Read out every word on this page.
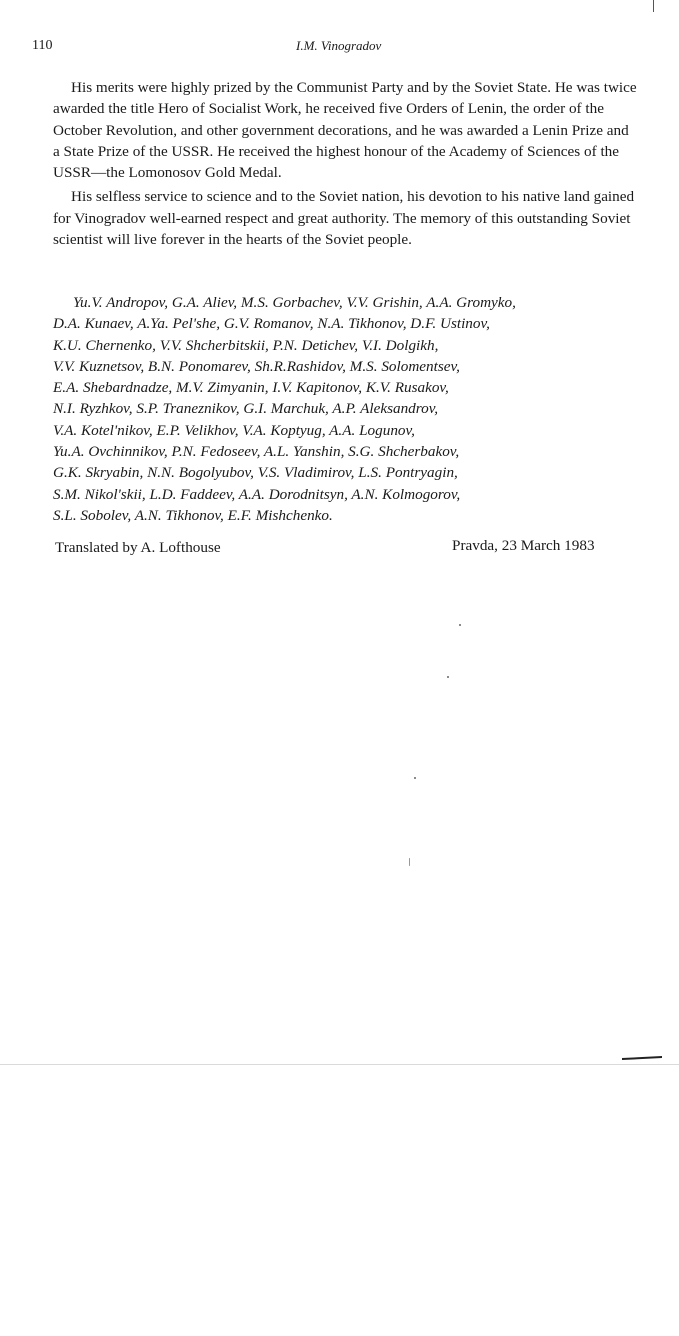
110	I.M. Vinogradov

His merits were highly prized by the Communist Party and by the Soviet State. He was twice awarded the title Hero of Socialist Work, he received five Orders of Lenin, the order of the October Revolution, and other government decorations, and he was awarded a Lenin Prize and a State Prize of the USSR. He received the highest honour of the Academy of Sciences of the USSR—the Lomonosov Gold Medal.

His selfless service to science and to the Soviet nation, his devotion to his native land gained for Vinogradov well-earned respect and great authority. The memory of this outstanding Soviet scientist will live forever in the hearts of the Soviet people.

Yu.V. Andropov, G.A. Aliev, M.S. Gorbachev, V.V. Grishin, A.A. Gromyko,
D.A. Kunaev, A.Ya. Pel'she, G.V. Romanov, N.A. Tikhonov, D.F. Ustinov,
K.U. Chernenko, V.V. Shcherbitskii, P.N. Detichev, V.I. Dolgikh,
V.V. Kuznetsov, B.N. Ponomarev, Sh.R.Rashidov, M.S. Solomentsev,
E.A. Shebardnadze, M.V. Zimyanin, I.V. Kapitonov, K.V. Rusakov,
N.I. Ryzhkov, S.P. Traneznikov, G.I. Marchuk, A.P. Aleksandrov,
V.A. Kotel'nikov, E.P. Velikhov, V.A. Koptyug, A.A. Logunov,
Yu.A. Ovchinnikov, P.N. Fedoseev, A.L. Yanshin, S.G. Shcherbakov,
G.K. Skryabin, N.N. Bogolyubov, V.S. Vladimirov, L.S. Pontryagin,
S.M. Nikol'skii, L.D. Faddeev, A.A. Dorodnitsyn, A.N. Kolmogorov,
S.L. Sobolev, A.N. Tikhonov, E.F. Mishchenko.
Translated by A. Lofthouse	Pravda, 23 March 1983
